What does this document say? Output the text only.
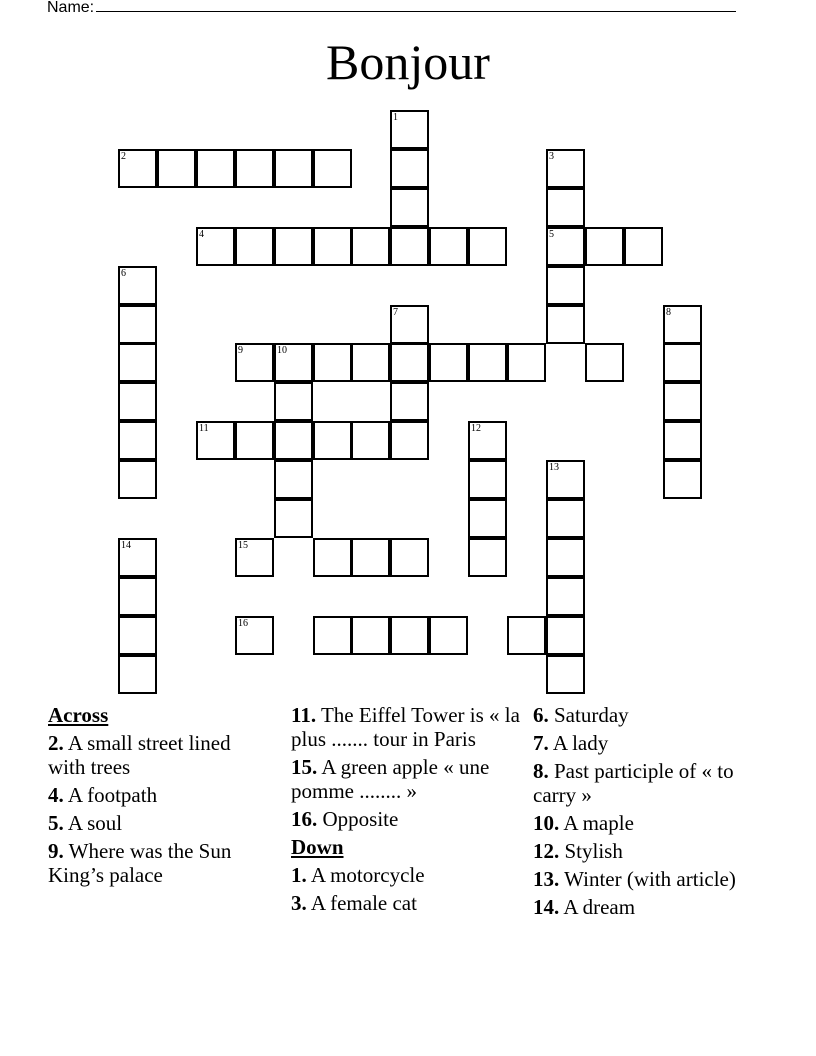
Name:
Bonjour
1
2	3
5
4
6
7	8
9	10
11	12
13
14	15
16
Across
2. A small street lined with trees
4. A footpath
5. A soul
9. Where was the Sun King’s palace
11. The Eiffel Tower is « la plus ....... tour in Paris
15. A green apple « une pomme ........ »
16. Opposite
Down
1. A motorcycle
3. A female cat
6. Saturday
7. A lady
8. Past participle of « to carry »
10. A maple
12. Stylish
13. Winter (with article)
14. A dream
